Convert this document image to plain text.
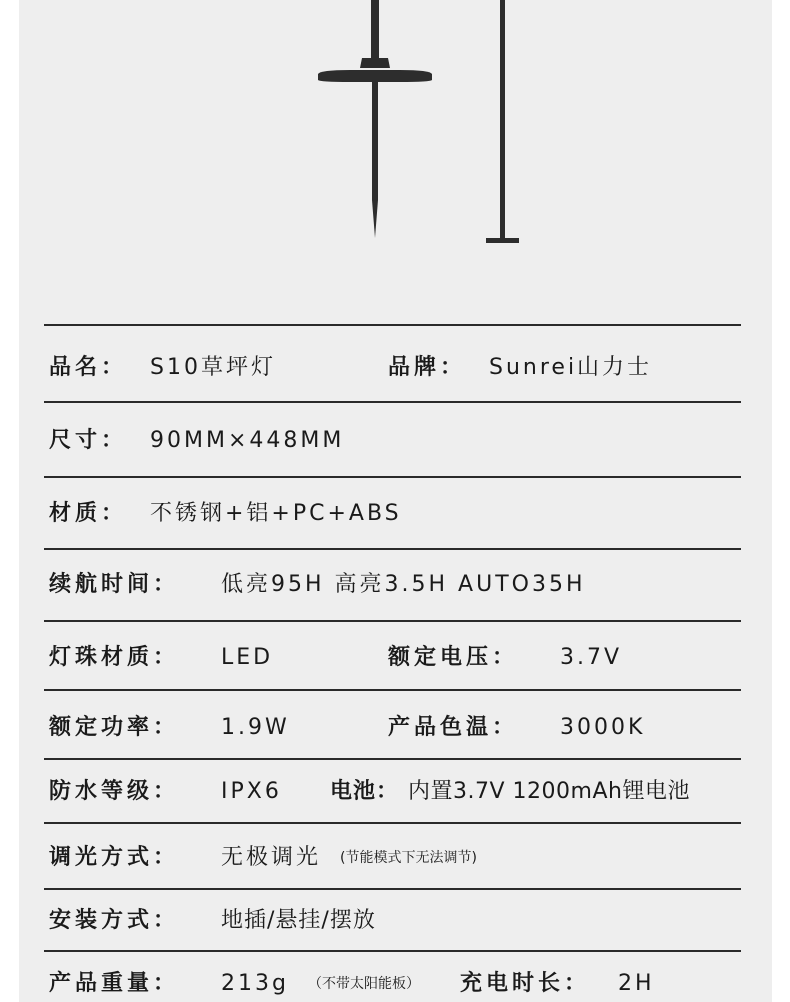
品名： S10草坪灯	品牌： Sunrei山力士
尺寸： 90MM×448MM
材质： 不锈钢+铝+PC+ABS
续航时间： 低亮95H 高亮3.5H AUTO35H
灯珠材质： LED	额定电压： 3.7V
额定功率： 1.9W	产品色温： 3000K
防水等级： IPX6 电池： 内置3.7V 1200mAh锂电池
调光方式： 无极调光 (节能模式下无法调节)
安装方式： 地插/悬挂/摆放
产品重量： 213g （不带太阳能板） 充电时长： 2H
